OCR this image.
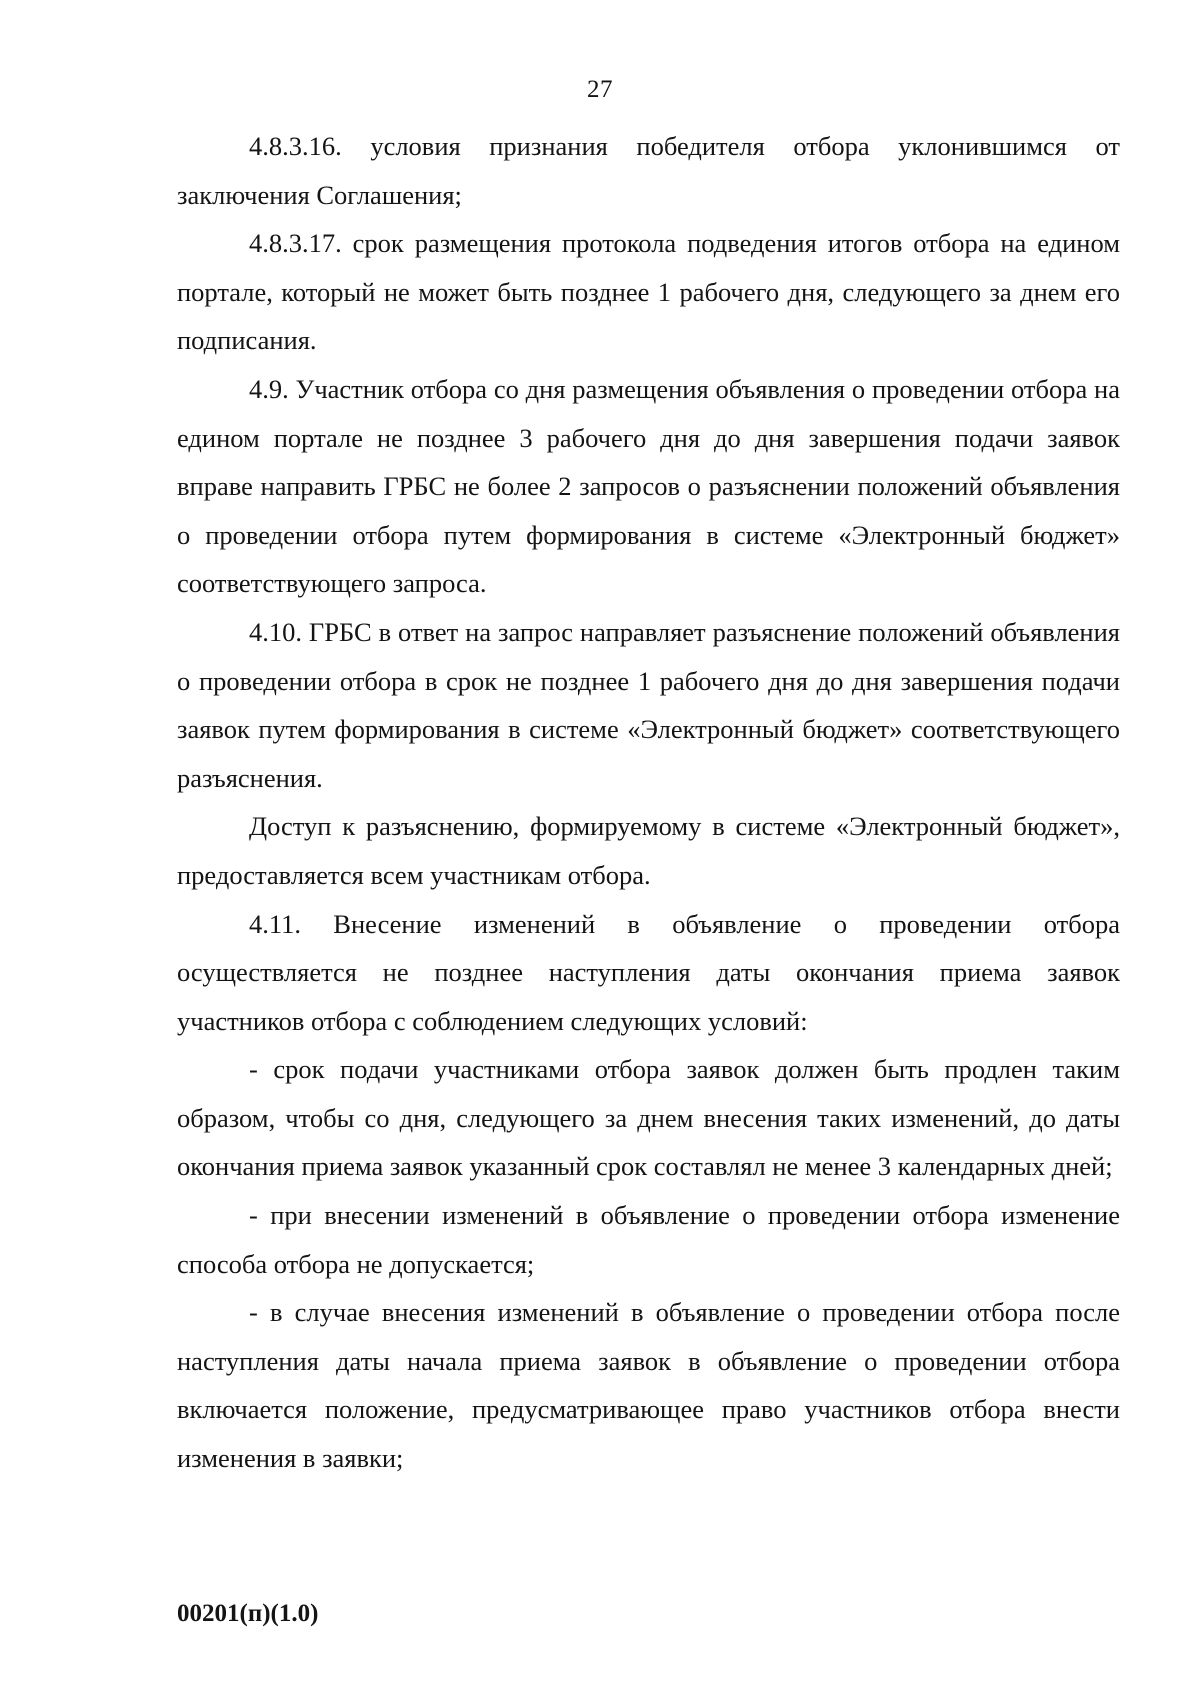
27

4.8.3.16. условия признания победителя отбора уклонившимся от заключения Соглашения;

4.8.3.17. срок размещения протокола подведения итогов отбора на едином портале, который не может быть позднее 1 рабочего дня, следующего за днем его подписания.

4.9. Участник отбора со дня размещения объявления о проведении отбора на едином портале не позднее 3 рабочего дня до дня завершения подачи заявок вправе направить ГРБС не более 2 запросов о разъяснении положений объявления о проведении отбора путем формирования в системе «Электронный бюджет» соответствующего запроса.

4.10. ГРБС в ответ на запрос направляет разъяснение положений объявления о проведении отбора в срок не позднее 1 рабочего дня до дня завершения подачи заявок путем формирования в системе «Электронный бюджет» соответствующего разъяснения.

Доступ к разъяснению, формируемому в системе «Электронный бюджет», предоставляется всем участникам отбора.

4.11. Внесение изменений в объявление о проведении отбора осуществляется не позднее наступления даты окончания приема заявок участников отбора с соблюдением следующих условий:

- срок подачи участниками отбора заявок должен быть продлен таким образом, чтобы со дня, следующего за днем внесения таких изменений, до даты окончания приема заявок указанный срок составлял не менее 3 календарных дней;

- при внесении изменений в объявление о проведении отбора изменение способа отбора не допускается;

- в случае внесения изменений в объявление о проведении отбора после наступления даты начала приема заявок в объявление о проведении отбора включается положение, предусматривающее право участников отбора внести изменения в заявки;

00201(п)(1.0)
